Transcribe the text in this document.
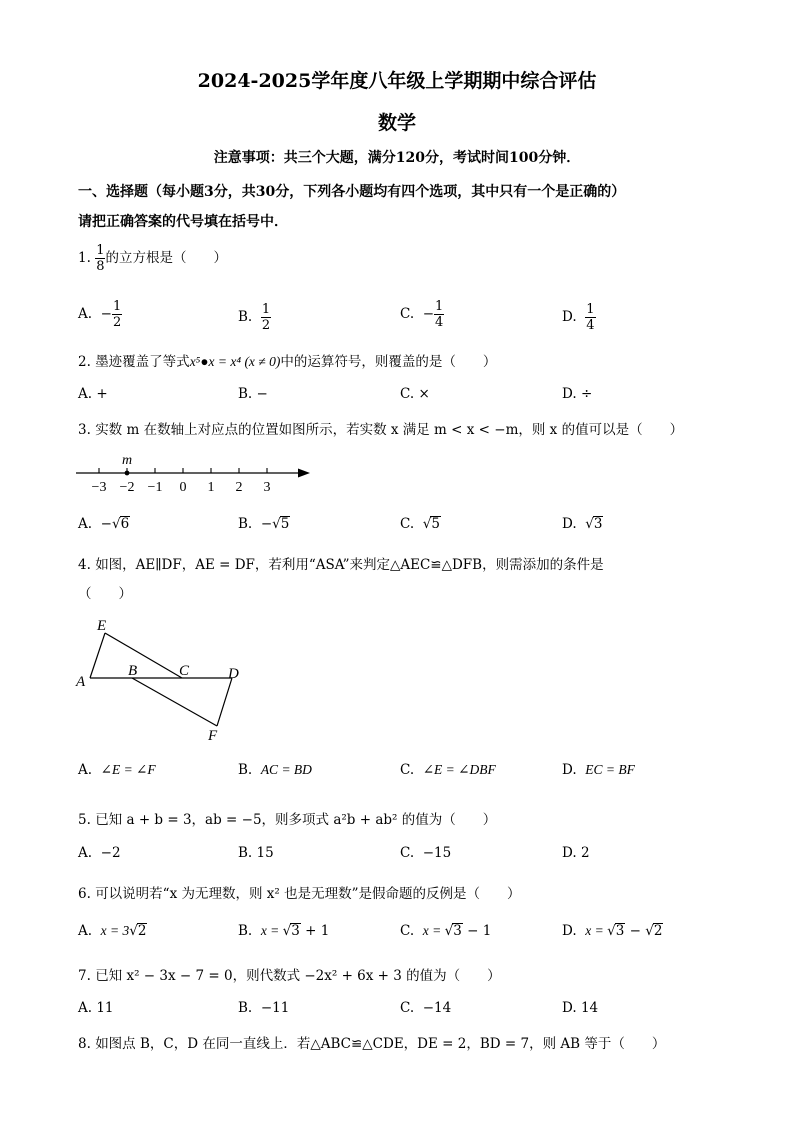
2024-2025学年度八年级上学期期中综合评估
数学
注意事项：共三个大题，满分120分，考试时间100分钟．
一、选择题（每小题3分，共30分，下列各小题均有四个选项，其中只有一个是正确的）
请把正确答案的代号填在括号中．
1. $\frac{1}{8}$ 的立方根是（　　）
A. − $\frac{1}{2}$	B. $\frac{1}{2}$	C. − $\frac{1}{4}$	D. $\frac{1}{4}$
2. 墨迹覆盖了等式x⁵●x = x⁴ (x ≠ 0)中的运算符号，则覆盖的是（　　）
A. +	B. −	C. ×	D. ÷
3. 实数 m 在数轴上对应点的位置如图所示，若实数 x 满足 m < x < −m，则 x 的值可以是（　　）
−3 −2 −1 0 1 2 3
m
A. −√6	B. −√5	C. √5	D. √3
4. 如图，AE∥DF，AE = DF，若利用“ASA”来判定△AEC≌△DFB，则需添加的条件是
（　　）
E
A
B	C	D
F
A. ∠E = ∠F	B. AC = BD	C. ∠E = ∠DBF	D. EC = BF
5. 已知 a + b = 3，ab = −5，则多项式 a²b + ab² 的值为（　　）
A. −2	B. 15	C. −15	D. 2
6. 可以说明若“x 为无理数，则 x² 也是无理数”是假命题的反例是（　　）
A. x = 3√2	B. x = √3 + 1	C. x = √3 − 1	D. x = √3 − √2
7. 已知 x² − 3x − 7 = 0，则代数式 −2x² + 6x + 3 的值为（　　）
A. 11	B. −11	C. −14	D. 14
8. 如图点 B，C，D 在同一直线上．若△ABC≌△CDE，DE = 2，BD = 7，则 AB 等于（　　）
